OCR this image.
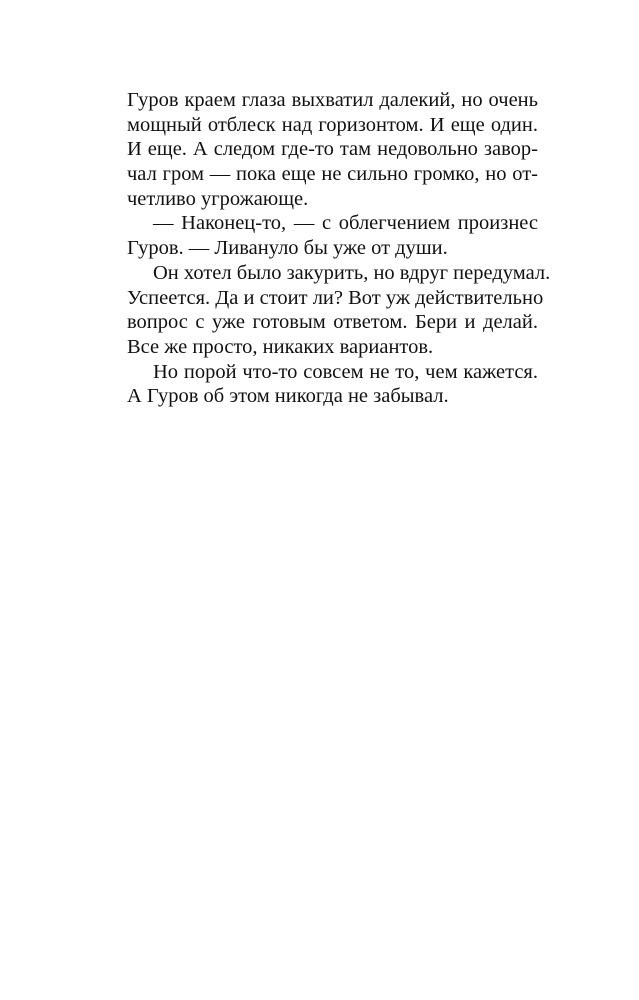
Гуров краем глаза выхватил далекий, но очень
мощный отблеск над горизонтом. И еще один.
И еще. А следом где-то там недовольно завор-
чал гром — пока еще не сильно громко, но от-
четливо угрожающе.
— Наконец-то, — с облегчением произнес
Гуров. — Ливануло бы уже от души.
Он хотел было закурить, но вдруг передумал.
Успеется. Да и стоит ли? Вот уж действительно
вопрос с уже готовым ответом. Бери и делай.
Все же просто, никаких вариантов.
Но порой что-то совсем не то, чем кажется.
А Гуров об этом никогда не забывал.
